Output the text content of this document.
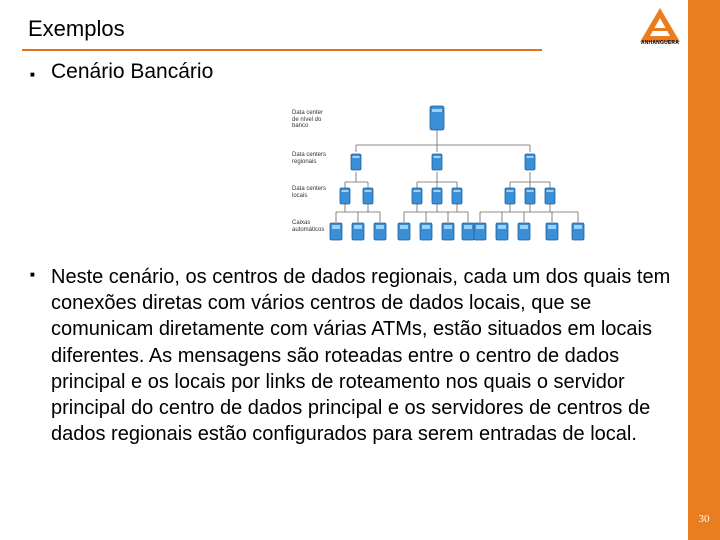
Exemplos
ANHANGUERA
30
■ Cenário Bancário
Data center
de nível do
banco
Data centers
regionais
Data centers
locais
Caixas
automáticos
■ Neste cenário, os centros de dados regionais, cada um dos quais tem conexões diretas com vários centros de dados locais, que se comunicam diretamente com várias ATMs, estão situados em locais diferentes. As mensagens são roteadas entre o centro de dados principal e os locais por links de roteamento nos quais o servidor principal do centro de dados principal e os servidores de centros de dados regionais estão configurados para serem entradas de local.
